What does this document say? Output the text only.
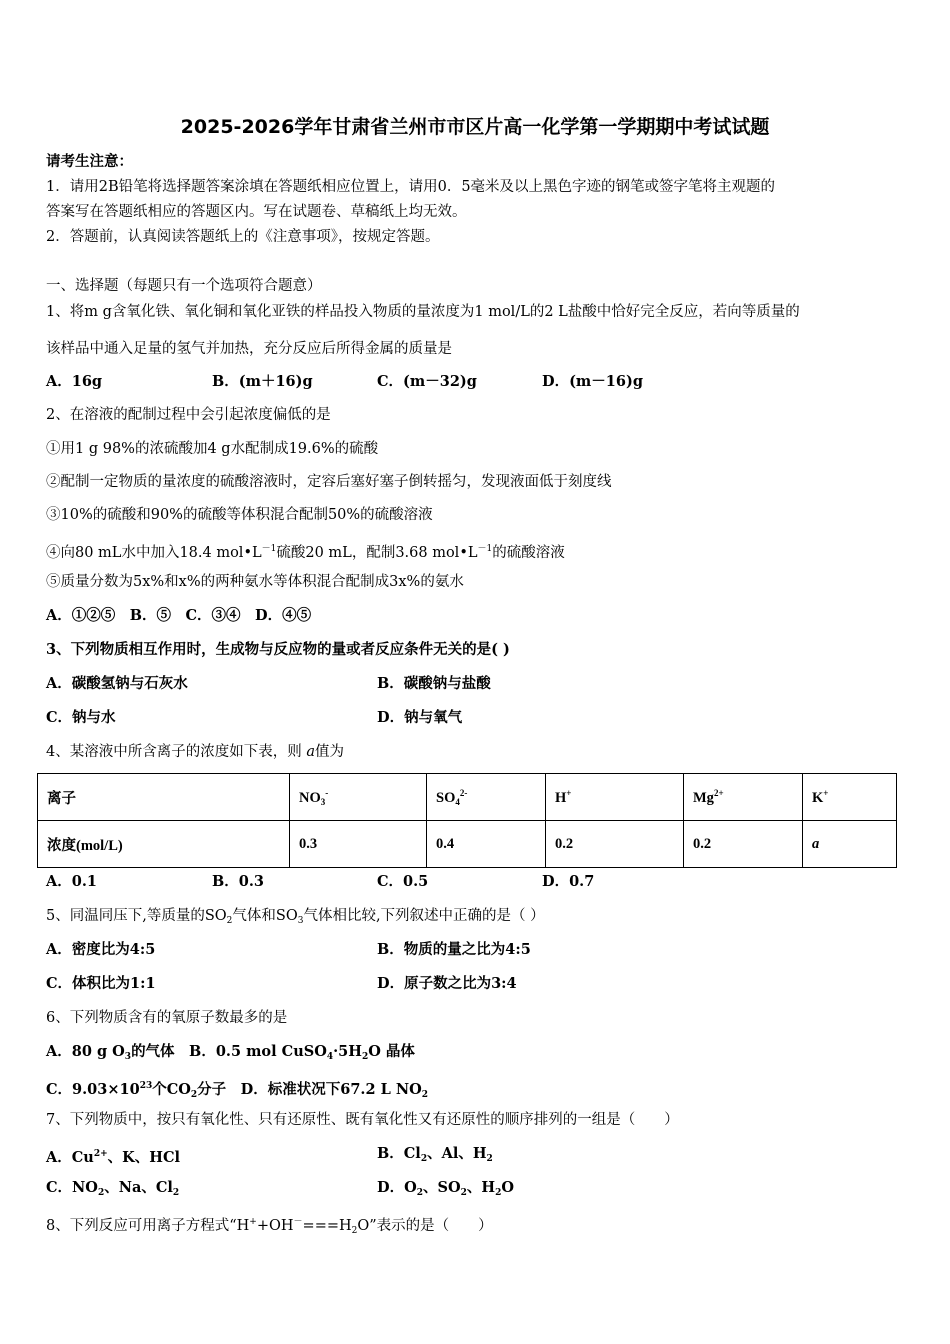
2025-2026学年甘肃省兰州市市区片高一化学第一学期期中考试试题
请考生注意：
1．请用2B铅笔将选择题答案涂填在答题纸相应位置上，请用0．5毫米及以上黑色字迹的钢笔或签字笔将主观题的
答案写在答题纸相应的答题区内。写在试题卷、草稿纸上均无效。
2．答题前，认真阅读答题纸上的《注意事项》，按规定答题。
一、选择题（每题只有一个选项符合题意）
1、将m g含氧化铁、氧化铜和氧化亚铁的样品投入物质的量浓度为1 mol/L的2 L盐酸中恰好完全反应，若向等质量的
该样品中通入足量的氢气并加热，充分反应后所得金属的质量是
A．16g	B．(m＋16)g	C．(m－32)g	D．(m－16)g
2、在溶液的配制过程中会引起浓度偏低的是
①用1 g 98%的浓硫酸加4 g水配制成19.6%的硫酸
②配制一定物质的量浓度的硫酸溶液时，定容后塞好塞子倒转摇匀，发现液面低于刻度线
③10%的硫酸和90%的硫酸等体积混合配制50%的硫酸溶液
④向80 mL水中加入18.4 $mol•L^{-1}$硫酸20 mL，配制3.68 $mol•L^{-1}$的硫酸溶液
⑤质量分数为5x%和x%的两种氨水等体积混合配制成3x%的氨水
A．①②⑤　B．⑤　C．③④　D．④⑤
3、下列物质相互作用时，生成物与反应物的量或者反应条件无关的是( )
A．碳酸氢钠与石灰水	B．碳酸钠与盐酸
C．钠与水	D．钠与氧气
4、某溶液中所含离子的浓度如下表，则 a值为
离子	$NO_3^-$	$SO_4^{2-}$	H+	$Mg^{2+}$	K+
浓度(mol/L)	0.3	0.4	0.2	0.2	a
A．0.1	B．0.3	C．0.5	D．0.7
5、同温同压下,等质量的$SO_2$气体和$SO_3$气体相比较,下列叙述中正确的是（ ）
A．密度比为4:5	B．物质的量之比为4:5
C．体积比为1:1	D．原子数之比为3:4
6、下列物质含有的氧原子数最多的是
A．80 g $O_3$的气体　B．0.5 mol $CuSO_4\cdot 5H_2O$ 晶体
C．$9.03\times 10^{23}$个$CO_2$分子　D．标准状况下67.2 L $NO_2$
7、下列物质中，按只有氧化性、只有还原性、既有氧化性又有还原性的顺序排列的一组是（　　）
A．$Cu^{2+}$、K、HCl	B．$Cl_2$、Al、$H_2$
C．$NO_2$、Na、$Cl_2$	D．$O_2$、$SO_2$、$H_2O$
8、下列反应可用离子方程式“$H^++OH^-===H_2O$”表示的是（　　）
